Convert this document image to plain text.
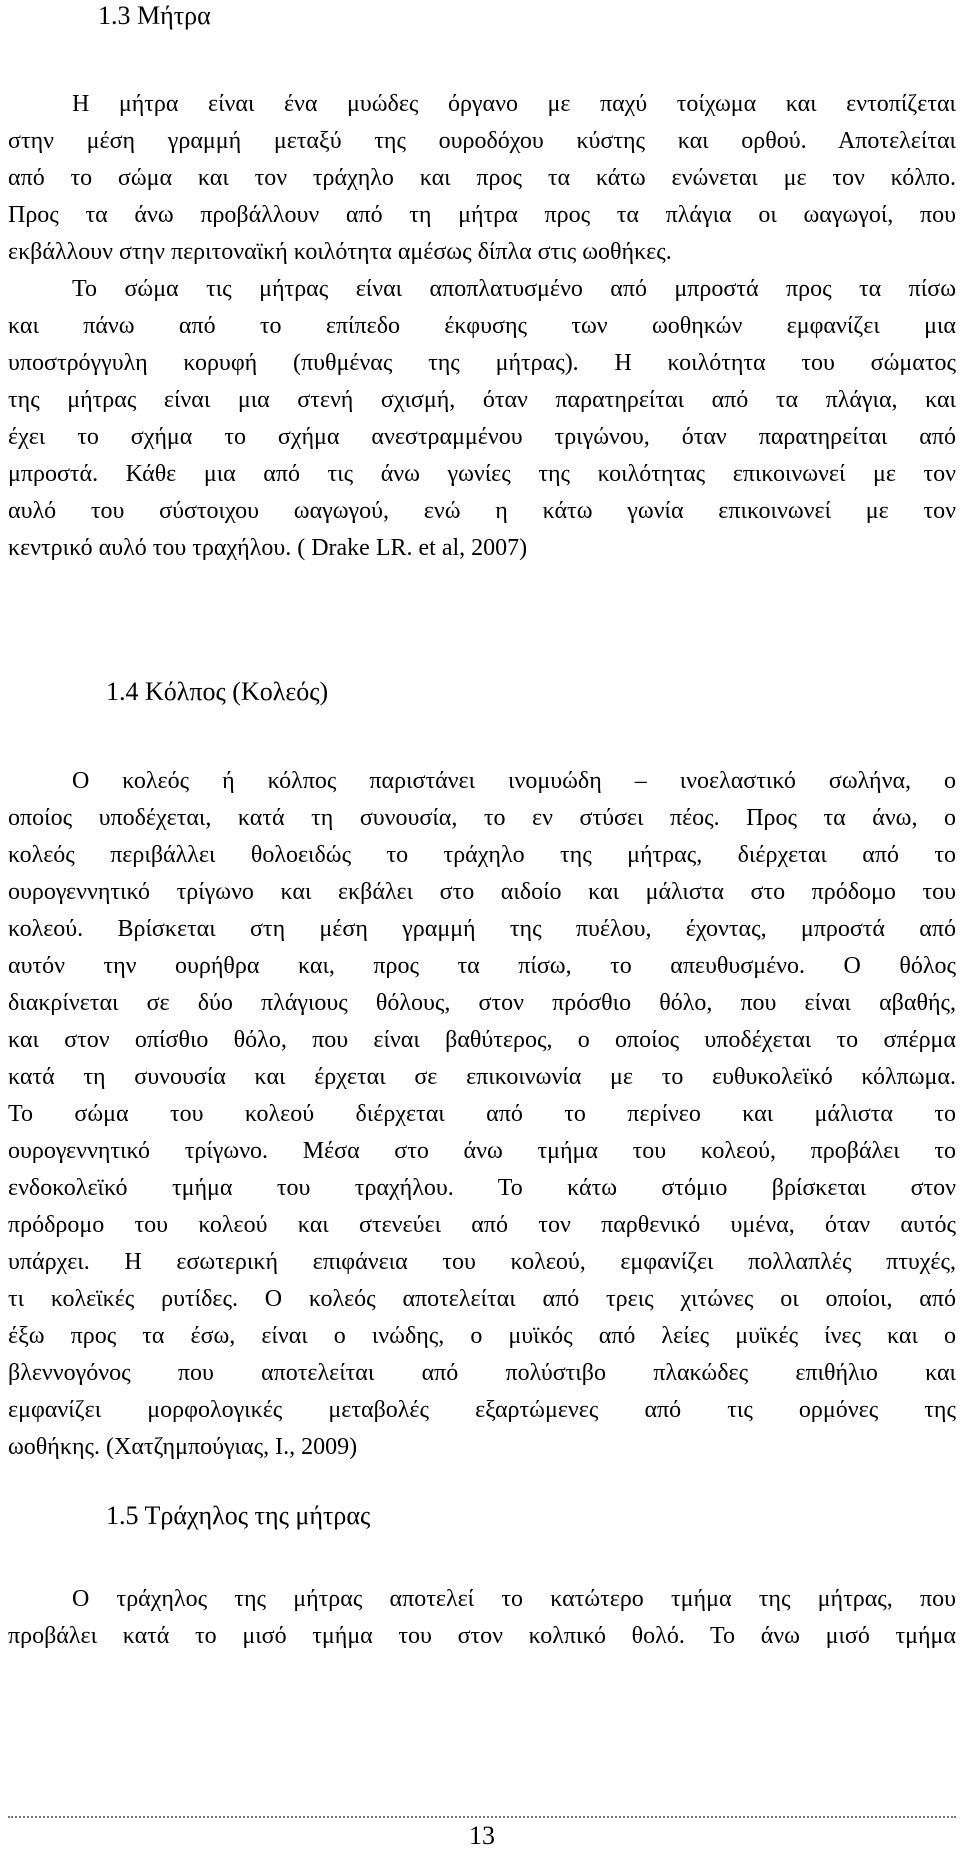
1.3 Μήτρα
Η μήτρα είναι ένα μυώδες όργανο με παχύ τοίχωμα και εντοπίζεται
στην μέση γραμμή μεταξύ της ουροδόχου κύστης και ορθού. Αποτελείται
από το σώμα και τον τράχηλο και προς τα κάτω ενώνεται με τον κόλπο.
Προς τα άνω προβάλλουν από τη μήτρα προς τα πλάγια οι ωαγωγοί, που
εκβάλλουν στην περιτοναϊκή κοιλότητα αμέσως δίπλα στις ωοθήκες.
Το σώμα τις μήτρας είναι αποπλατυσμένο από μπροστά προς τα πίσω
και πάνω από το επίπεδο έκφυσης των ωοθηκών εμφανίζει μια
υποστρόγγυλη κορυφή (πυθμένας της μήτρας). Η κοιλότητα του σώματος
της μήτρας είναι μια στενή σχισμή, όταν παρατηρείται από τα πλάγια, και
έχει το σχήμα το σχήμα ανεστραμμένου τριγώνου, όταν παρατηρείται από
μπροστά. Κάθε μια από τις άνω γωνίες της κοιλότητας επικοινωνεί με τον
αυλό του σύστοιχου ωαγωγού, ενώ η κάτω γωνία επικοινωνεί με τον
κεντρικό αυλό του τραχήλου. ( Drake LR. et al, 2007)
1.4 Κόλπος (Κολεός)
Ο κολεός ή κόλπος παριστάνει ινομυώδη – ινοελαστικό σωλήνα, ο
οποίος υποδέχεται, κατά τη συνουσία, το εν στύσει πέος. Προς τα άνω, ο
κολεός περιβάλλει θολοειδώς το τράχηλο της μήτρας, διέρχεται από το
ουρογεννητικό τρίγωνο και εκβάλει στο αιδοίο και μάλιστα στο πρόδομο του
κολεού. Βρίσκεται στη μέση γραμμή της πυέλου, έχοντας, μπροστά από
αυτόν την ουρήθρα και, προς τα πίσω, το απευθυσμένο. Ο θόλος
διακρίνεται σε δύο πλάγιους θόλους, στον πρόσθιο θόλο, που είναι αβαθής,
και στον οπίσθιο θόλο, που είναι βαθύτερος, ο οποίος υποδέχεται το σπέρμα
κατά τη συνουσία και έρχεται σε επικοινωνία με το ευθυκολεϊκό κόλπωμα.
Το σώμα του κολεού διέρχεται από το περίνεο και μάλιστα το
ουρογεννητικό τρίγωνο. Μέσα στο άνω τμήμα του κολεού, προβάλει το
ενδοκολεϊκό τμήμα του τραχήλου. Το κάτω στόμιο βρίσκεται στον
πρόδρομο του κολεού και στενεύει από τον παρθενικό υμένα, όταν αυτός
υπάρχει. Η εσωτερική επιφάνεια του κολεού, εμφανίζει πολλαπλές πτυχές,
τι κολεϊκές ρυτίδες. Ο κολεός αποτελείται από τρεις χιτώνες οι οποίοι, από
έξω προς τα έσω, είναι ο ινώδης, ο μυϊκός από λείες μυϊκές ίνες και ο
βλεννογόνος που αποτελείται από πολύστιβο πλακώδες επιθήλιο και
εμφανίζει μορφολογικές μεταβολές εξαρτώμενες από τις ορμόνες της
ωοθήκης. (Χατζημπούγιας, Ι., 2009)
1.5 Τράχηλος της μήτρας
Ο τράχηλος της μήτρας αποτελεί το κατώτερο τμήμα της μήτρας, που
προβάλει κατά το μισό τμήμα του στον κολπικό θολό. Το άνω μισό τμήμα
13
